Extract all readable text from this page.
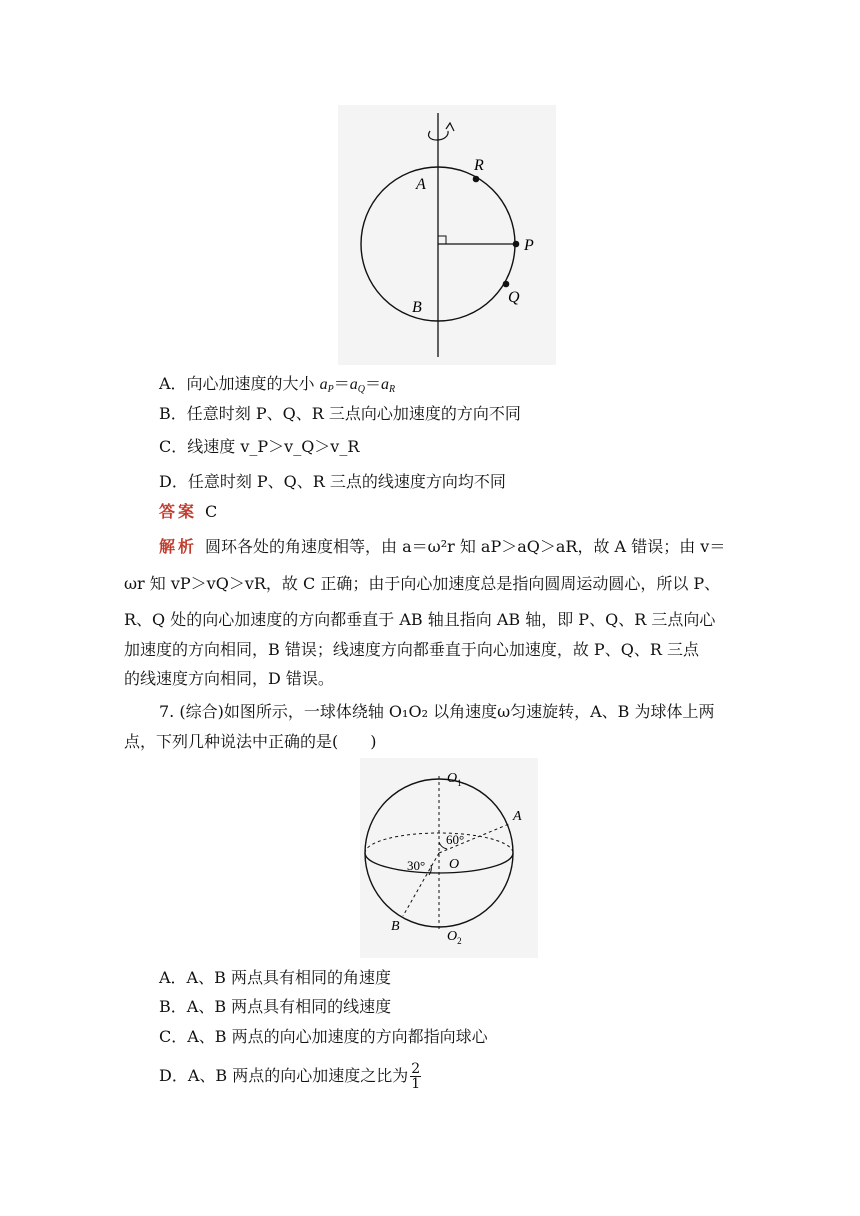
R
A
P
Q
B
A．向心加速度的大小 $a_P=a_Q=a_R$
B．任意时刻 P、Q、R 三点向心加速度的方向不同
C．线速度 v_P＞v_Q＞v_R
D．任意时刻 P、Q、R 三点的线速度方向均不同
答案 C
解析 圆环各处的角速度相等，由 a＝ω²r 知 aP＞aQ＞aR，故 A 错误；由 v＝
ωr 知 vP＞vQ＞vR，故 C 正确；由于向心加速度总是指向圆周运动圆心，所以 P、
R、Q 处的向心加速度的方向都垂直于 AB 轴且指向 AB 轴，即 P、Q、R 三点向心
加速度的方向相同，B 错误；线速度方向都垂直于向心加速度，故 P、Q、R 三点
的线速度方向相同，D 错误。
7. (综合)如图所示，一球体绕轴 O₁O₂ 以角速度ω匀速旋转，A、B 为球体上两
点，下列几种说法中正确的是(　　)
$O_1$
A
60°
O
30°
B
$O_2$
A．A、B 两点具有相同的角速度
B．A、B 两点具有相同的线速度
C．A、B 两点的向心加速度的方向都指向球心
D．A、B 两点的向心加速度之比为 $\frac{2}{1}$
